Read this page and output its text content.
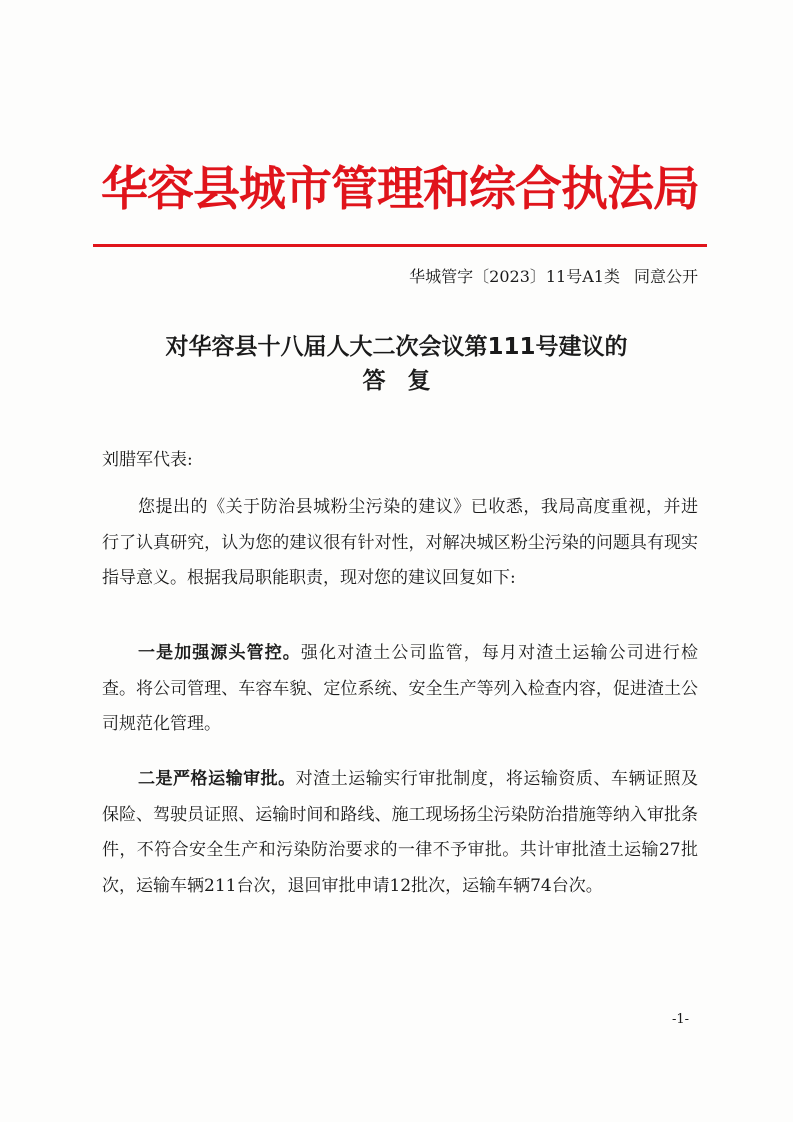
华容县城市管理和综合执法局
华城管字〔2023〕11号A1类 同意公开
对华容县十八届人大二次会议第111号建议的
答复
刘腊军代表:

您提出的《关于防治县城粉尘污染的建议》已收悉，我局高度重视，并进行了认真研究，认为您的建议很有针对性，对解决城区粉尘污染的问题具有现实指导意义。根据我局职能职责，现对您的建议回复如下:

一是加强源头管控。强化对渣土公司监管，每月对渣土运输公司进行检查。将公司管理、车容车貌、定位系统、安全生产等列入检查内容，促进渣土公司规范化管理。

二是严格运输审批。对渣土运输实行审批制度，将运输资质、车辆证照及保险、驾驶员证照、运输时间和路线、施工现场扬尘污染防治措施等纳入审批条件，不符合安全生产和污染防治要求的一律不予审批。共计审批渣土运输27批次，运输车辆211台次，退回审批申请12批次，运输车辆74台次。

-1-
